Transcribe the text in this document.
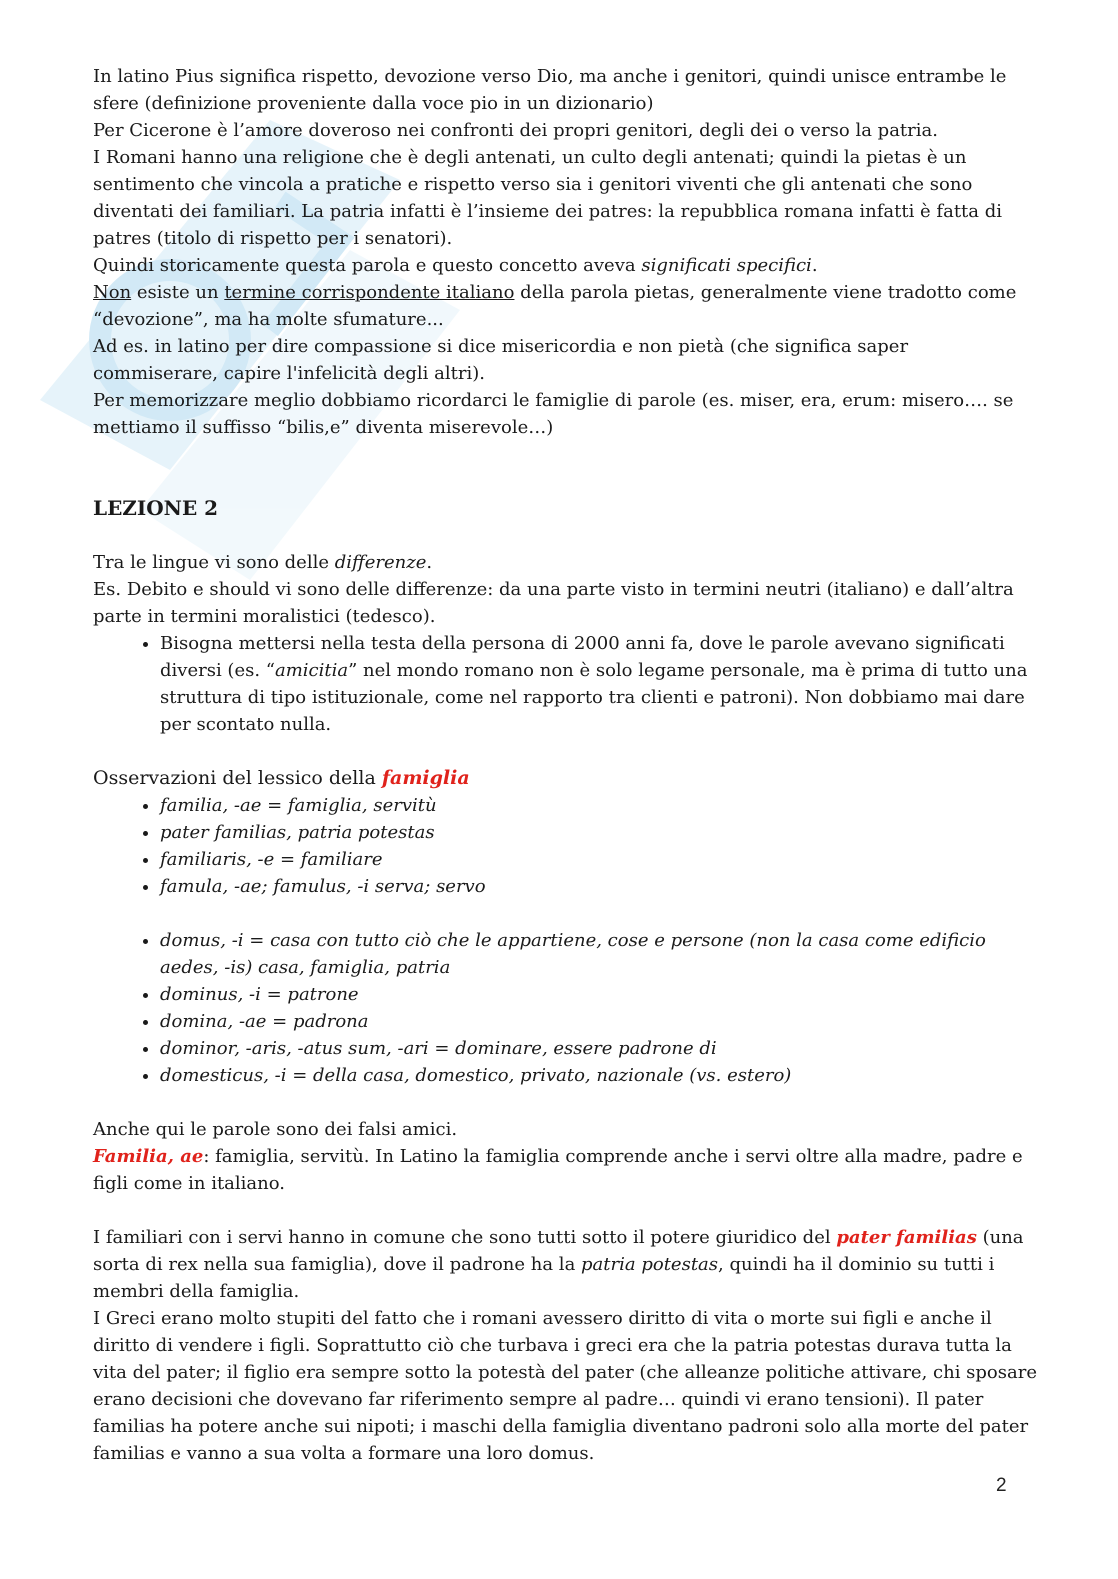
In latino Pius significa rispetto, devozione verso Dio, ma anche i genitori, quindi unisce entrambe le sfere (definizione proveniente dalla voce pio in un dizionario)

Per Cicerone è l’amore doveroso nei confronti dei propri genitori, degli dei o verso la patria.

I Romani hanno una religione che è degli antenati, un culto degli antenati; quindi la pietas è un sentimento che vincola a pratiche e rispetto verso sia i genitori viventi che gli antenati che sono diventati dei familiari. La patria infatti è l’insieme dei patres: la repubblica romana infatti è fatta di patres (titolo di rispetto per i senatori).

Quindi storicamente questa parola e questo concetto aveva significati specifici.

Non esiste un termine corrispondente italiano della parola pietas, generalmente viene tradotto come “devozione”, ma ha molte sfumature...

Ad es. in latino per dire compassione si dice misericordia e non pietà (che significa saper commiserare, capire l'infelicità degli altri).

Per memorizzare meglio dobbiamo ricordarci le famiglie di parole (es. miser, era, erum: misero…. se mettiamo il suffisso “bilis,e” diventa miserevole…)

LEZIONE 2

Tra le lingue vi sono delle differenze.

Es. Debito e should vi sono delle differenze: da una parte visto in termini neutri (italiano) e dall’altra parte in termini moralistici (tedesco).

• Bisogna mettersi nella testa della persona di 2000 anni fa, dove le parole avevano significati diversi (es. “amicitia” nel mondo romano non è solo legame personale, ma è prima di tutto una struttura di tipo istituzionale, come nel rapporto tra clienti e patroni). Non dobbiamo mai dare per scontato nulla.

Osservazioni del lessico della famiglia

• familia, -ae = famiglia, servitù
• pater familias, patria potestas
• familiaris, -e = familiare
• famula, -ae; famulus, -i serva; servo
• domus, -i = casa con tutto ciò che le appartiene, cose e persone (non la casa come edificio aedes, -is) casa, famiglia, patria
• dominus, -i = patrone
• domina, -ae = padrona
• dominor, -aris, -atus sum, -ari = dominare, essere padrone di
• domesticus, -i = della casa, domestico, privato, nazionale (vs. estero)

Anche qui le parole sono dei falsi amici.

Familia, ae: famiglia, servitù. In Latino la famiglia comprende anche i servi oltre alla madre, padre e figli come in italiano.

I familiari con i servi hanno in comune che sono tutti sotto il potere giuridico del pater familias (una sorta di rex nella sua famiglia), dove il padrone ha la patria potestas, quindi ha il dominio su tutti i membri della famiglia.

I Greci erano molto stupiti del fatto che i romani avessero diritto di vita o morte sui figli e anche il diritto di vendere i figli. Soprattutto ciò che turbava i greci era che la patria potestas durava tutta la vita del pater; il figlio era sempre sotto la potestà del pater (che alleanze politiche attivare, chi sposare erano decisioni che dovevano far riferimento sempre al padre… quindi vi erano tensioni). Il pater familias ha potere anche sui nipoti; i maschi della famiglia diventano padroni solo alla morte del pater familias e vanno a sua volta a formare una loro domus.

2
